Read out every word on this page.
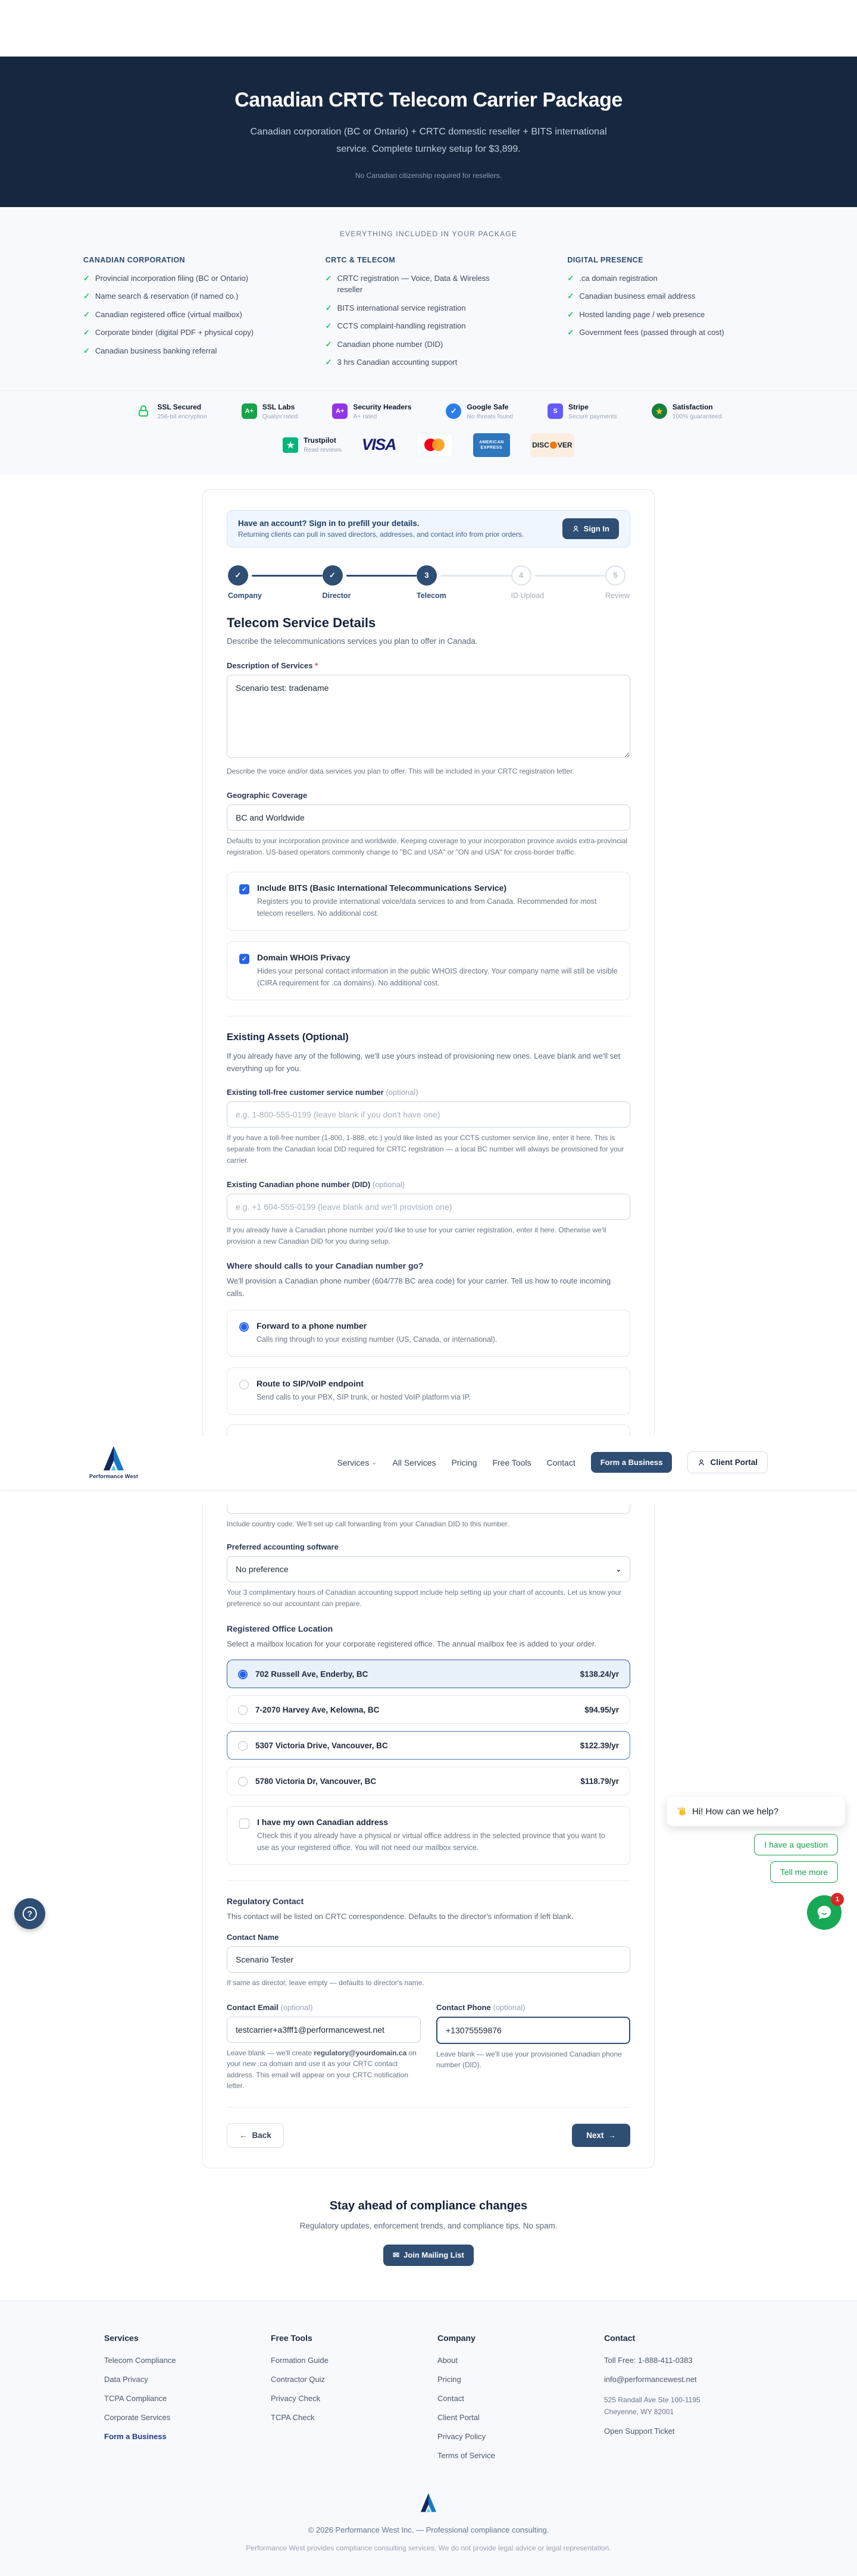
Canadian CRTC Telecom Carrier Package
Canadian corporation (BC or Ontario) + CRTC domestic reseller + BITS international service. Complete turnkey setup for $3,899.
No Canadian citizenship required for resellers.
EVERYTHING INCLUDED IN YOUR PACKAGE
CANADIAN CORPORATION
✓ Provincial incorporation filing (BC or Ontario)
✓ Name search & reservation (if named co.)
✓ Canadian registered office (virtual mailbox)
✓ Corporate binder (digital PDF + physical copy)
✓ Canadian business banking referral
CRTC & TELECOM
✓ CRTC registration — Voice, Data & Wireless reseller
✓ BITS international service registration
✓ CCTS complaint-handling registration
✓ Canadian phone number (DID)
✓ 3 hrs Canadian accounting support
DIGITAL PRESENCE
✓ .ca domain registration
✓ Canadian business email address
✓ Hosted landing page / web presence
✓ Government fees (passed through at cost)
SSL Secured
256-bit encryption
A+
SSL Labs
Qualys rated
A+
Security Headers
A+ rated
✓	Google Safe
No threats found
S
Stripe
Secure payments
★	Satisfaction
100% guaranteed
★	Trustpilot
Read reviews VISA	AMERICAN
EXPRESS	DISC VER
Have an account? Sign in to prefill your details.
Returning clients can pull in saved directors, addresses, and contact info from prior orders.
Sign In
✓
Company
✓
Director
3
Telecom
4
ID Upload
5
Review
Telecom Service Details
Describe the telecommunications services you plan to offer in Canada.
Description of Services *
Scenario test: tradename
Describe the voice and/or data services you plan to offer. This will be included in your CRTC registration letter.
Geographic Coverage
BC and Worldwide
Defaults to your incorporation province and worldwide. Keeping coverage to your incorporation province avoids extra-provincial registration. US-based operators commonly change to "BC and USA" or "ON and USA" for cross-border traffic.
✓ Include BITS (Basic International Telecommunications Service)
Registers you to provide international voice/data services to and from Canada. Recommended for most telecom resellers. No additional cost.
✓ Domain WHOIS Privacy
Hides your personal contact information in the public WHOIS directory. Your company name will still be visible (CIRA requirement for .ca domains). No additional cost.
Existing Assets (Optional)
If you already have any of the following, we'll use yours instead of provisioning new ones. Leave blank and we'll set everything up for you.
Existing toll-free customer service number (optional)
e.g. 1-800-555-0199 (leave blank if you don't have one)
If you have a toll-free number (1-800, 1-888, etc.) you'd like listed as your CCTS customer service line, enter it here. This is separate from the Canadian local DID required for CRTC registration — a local BC number will always be provisioned for your carrier.
Existing Canadian phone number (DID) (optional)
e.g. +1 604-555-0199 (leave blank and we'll provision one)
If you already have a Canadian phone number you'd like to use for your carrier registration, enter it here. Otherwise we'll provision a new Canadian DID for you during setup.
Where should calls to your Canadian number go?
We'll provision a Canadian phone number (604/778 BC area code) for your carrier. Tell us how to route incoming calls.
Forward to a phone number
Calls ring through to your existing number (US, Canada, or international).
Route to SIP/VoIP endpoint
Send calls to your PBX, SIP trunk, or hosted VoIP platform via IP.
Performance West
Services ⌄ All Services Pricing Free Tools Contact	Form a Business	Client Portal
Include country code. We'll set up call forwarding from your Canadian DID to this number.
Preferred accounting software
No preference	⌄
Your 3 complimentary hours of Canadian accounting support include help setting up your chart of accounts. Let us know your preference so our accountant can prepare.
Registered Office Location
Select a mailbox location for your corporate registered office. The annual mailbox fee is added to your order.
702 Russell Ave, Enderby, BC	$138.24/yr
7-2070 Harvey Ave, Kelowna, BC	$94.95/yr
5307 Victoria Drive, Vancouver, BC	$122.39/yr
5780 Victoria Dr, Vancouver, BC	$118.79/yr
I have my own Canadian address
Check this if you already have a physical or virtual office address in the selected province that you want to use as your registered office. You will not need our mailbox service.
Regulatory Contact
This contact will be listed on CRTC correspondence. Defaults to the director's information if left blank.
Contact Name
Scenario Tester
If same as director, leave empty — defaults to director's name.
Contact Email (optional)
testcarrier+a3fff1@performancewest.net
Leave blank — we'll create regulatory@yourdomain.ca on your new .ca domain and use it as your CRTC contact address. This email will appear on your CRTC notification letter.
Contact Phone (optional)
+13075559876
Leave blank — we'll use your provisioned Canadian phone number (DID).
← Back	Next →
Stay ahead of compliance changes

Regulatory updates, enforcement trends, and compliance tips. No spam.

✉ Join Mailing List
Services
Telecom Compliance
Data Privacy
TCPA Compliance
Corporate Services
Form a Business
Free Tools
Formation Guide
Contractor Quiz
Privacy Check
TCPA Check
Company
About
Pricing
Contact
Client Portal
Privacy Policy
Terms of Service
Contact
Toll Free: 1-888-411-0383
info@performancewest.net
525 Randall Ave Ste 100-1195
Cheyenne, WY 82001
Open Support Ticket
© 2026 Performance West Inc. — Professional compliance consulting.
Performance West provides compliance consulting services. We do not provide legal advice or legal representation.
Hi! How can we help?
I have a question
Tell me more
1
?
